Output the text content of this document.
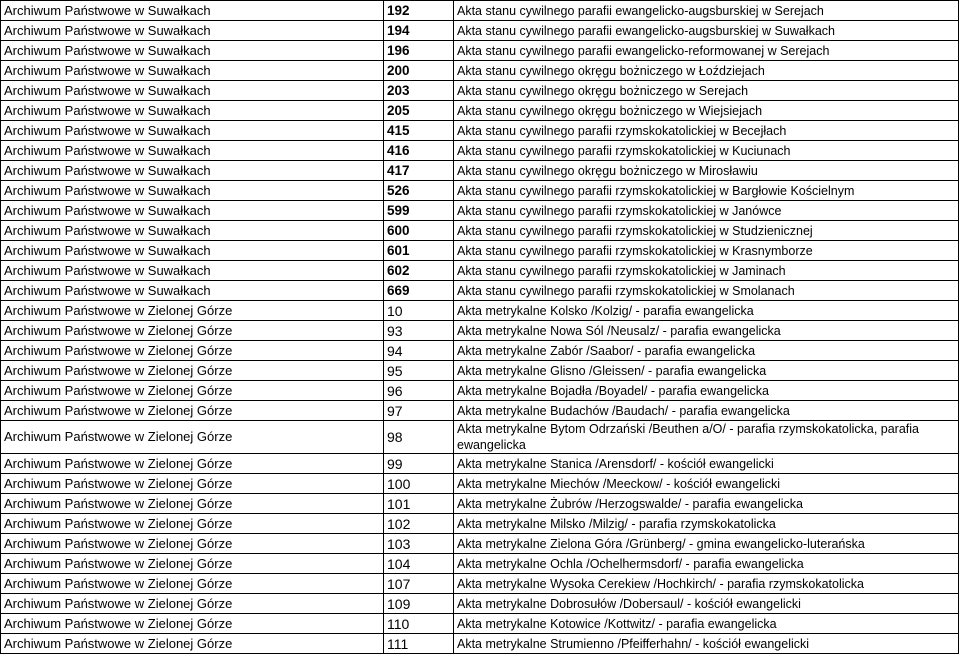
Archiwum Państwowe w Suwałkach	192	Akta stanu cywilnego parafii ewangelicko-augsburskiej w Serejach
Archiwum Państwowe w Suwałkach	194	Akta stanu cywilnego parafii ewangelicko-augsburskiej w Suwałkach
Archiwum Państwowe w Suwałkach	196	Akta stanu cywilnego parafii ewangelicko-reformowanej w Serejach
Archiwum Państwowe w Suwałkach	200	Akta stanu cywilnego okręgu bożniczego w Łoździejach
Archiwum Państwowe w Suwałkach	203	Akta stanu cywilnego okręgu bożniczego w Serejach
Archiwum Państwowe w Suwałkach	205	Akta stanu cywilnego okręgu bożniczego w Wiejsiejach
Archiwum Państwowe w Suwałkach	415	Akta stanu cywilnego parafii rzymskokatolickiej w Becejłach
Archiwum Państwowe w Suwałkach	416	Akta stanu cywilnego parafii rzymskokatolickiej w Kuciunach
Archiwum Państwowe w Suwałkach	417	Akta stanu cywilnego okręgu bożniczego w Mirosławiu
Archiwum Państwowe w Suwałkach	526	Akta stanu cywilnego parafii rzymskokatolickiej w Bargłowie Kościelnym
Archiwum Państwowe w Suwałkach	599	Akta stanu cywilnego parafii rzymskokatolickiej w Janówce
Archiwum Państwowe w Suwałkach	600	Akta stanu cywilnego parafii rzymskokatolickiej w Studzienicznej
Archiwum Państwowe w Suwałkach	601	Akta stanu cywilnego parafii rzymskokatolickiej w Krasnymborze
Archiwum Państwowe w Suwałkach	602	Akta stanu cywilnego parafii rzymskokatolickiej w Jaminach
Archiwum Państwowe w Suwałkach	669	Akta stanu cywilnego parafii rzymskokatolickiej w Smolanach
Archiwum Państwowe w Zielonej Górze	10	Akta metrykalne Kolsko /Kolzig/ - parafia ewangelicka
Archiwum Państwowe w Zielonej Górze	93	Akta metrykalne Nowa Sól /Neusalz/ - parafia ewangelicka
Archiwum Państwowe w Zielonej Górze	94	Akta metrykalne Zabór /Saabor/ - parafia ewangelicka
Archiwum Państwowe w Zielonej Górze	95	Akta metrykalne Glisno /Gleissen/ - parafia ewangelicka
Archiwum Państwowe w Zielonej Górze	96	Akta metrykalne Bojadła /Boyadel/ - parafia ewangelicka
Archiwum Państwowe w Zielonej Górze	97	Akta metrykalne Budachów /Baudach/ - parafia ewangelicka
Archiwum Państwowe w Zielonej Górze	98	Akta metrykalne Bytom Odrzański /Beuthen a/O/ - parafia rzymskokatolicka, parafia ewangelicka
Archiwum Państwowe w Zielonej Górze	99	Akta metrykalne Stanica /Arensdorf/ - kościół ewangelicki
Archiwum Państwowe w Zielonej Górze	100	Akta metrykalne Miechów /Meeckow/ - kościół ewangelicki
Archiwum Państwowe w Zielonej Górze	101	Akta metrykalne Żubrów /Herzogswalde/ - parafia ewangelicka
Archiwum Państwowe w Zielonej Górze	102	Akta metrykalne Milsko /Milzig/ - parafia rzymskokatolicka
Archiwum Państwowe w Zielonej Górze	103	Akta metrykalne Zielona Góra /Grünberg/ - gmina ewangelicko-luterańska
Archiwum Państwowe w Zielonej Górze	104	Akta metrykalne Ochla /Ochelhermsdorf/ - parafia ewangelicka
Archiwum Państwowe w Zielonej Górze	107	Akta metrykalne Wysoka Cerekiew /Hochkirch/ - parafia rzymskokatolicka
Archiwum Państwowe w Zielonej Górze	109	Akta metrykalne Dobrosułów /Dobersaul/ - kościół ewangelicki
Archiwum Państwowe w Zielonej Górze	110	Akta metrykalne Kotowice /Kottwitz/ - parafia ewangelicka
Archiwum Państwowe w Zielonej Górze	111	Akta metrykalne Strumienno /Pfeifferhahn/ - kościół ewangelicki
